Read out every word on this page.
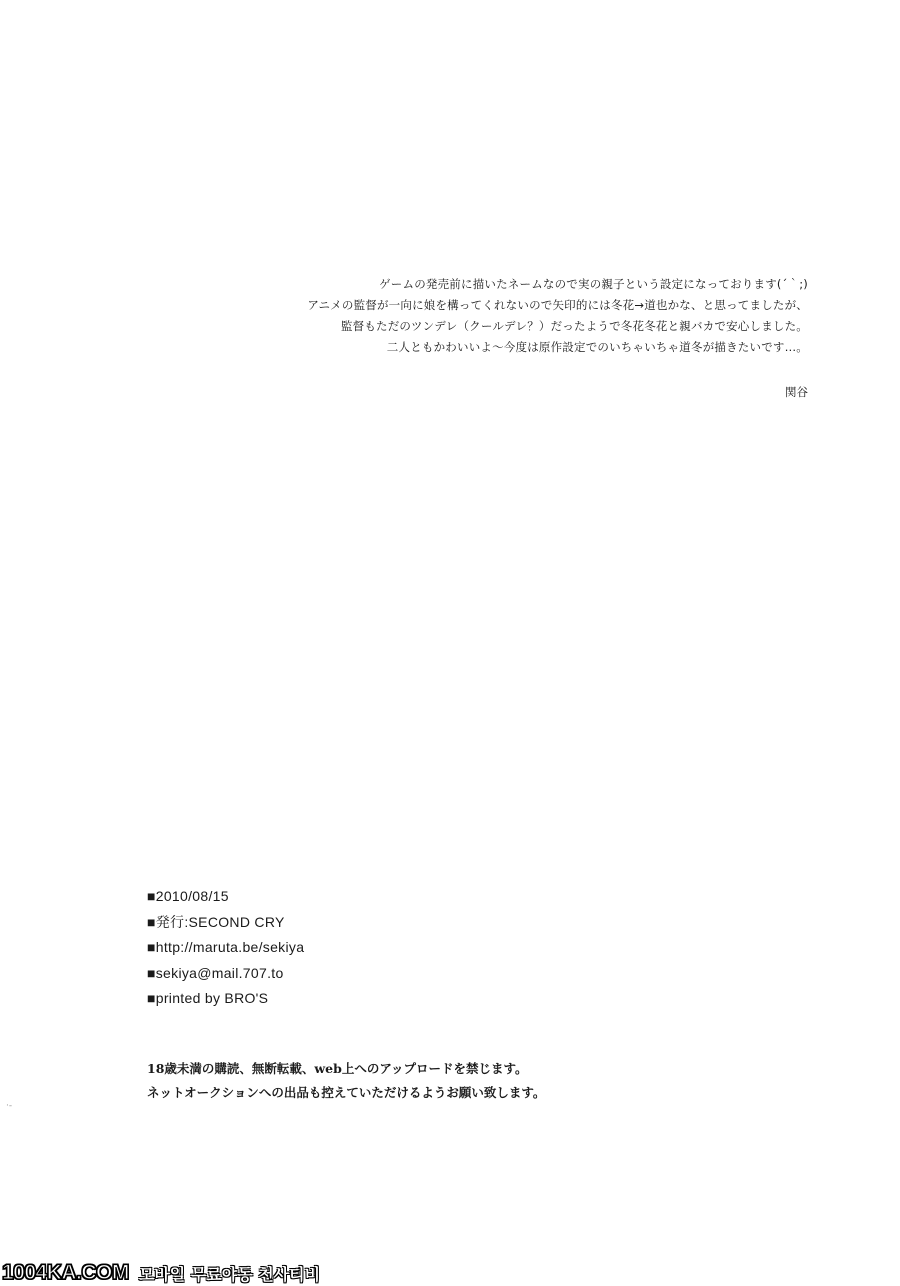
ゲームの発売前に描いたネームなので実の親子という設定になっております(´｀;)
アニメの監督が一向に娘を構ってくれないので矢印的には冬花→道也かな、と思ってましたが、
監督もただのツンデレ（クールデレ？）だったようで冬花冬花と親バカで安心しました。
二人ともかわいいよ〜今度は原作設定でのいちゃいちゃ道冬が描きたいです…。
関谷
■2010/08/15
■発行:SECOND CRY
■http://maruta.be/sekiya
■sekiya@mail.707.to
■printed by BRO'S
18歳未満の購読、無断転載、web上へのアップロードを禁じます。
ネットオークションへの出品も控えていただけるようお願い致します。
·-
1004KA.COM 모바일 무료야동 천사티비
